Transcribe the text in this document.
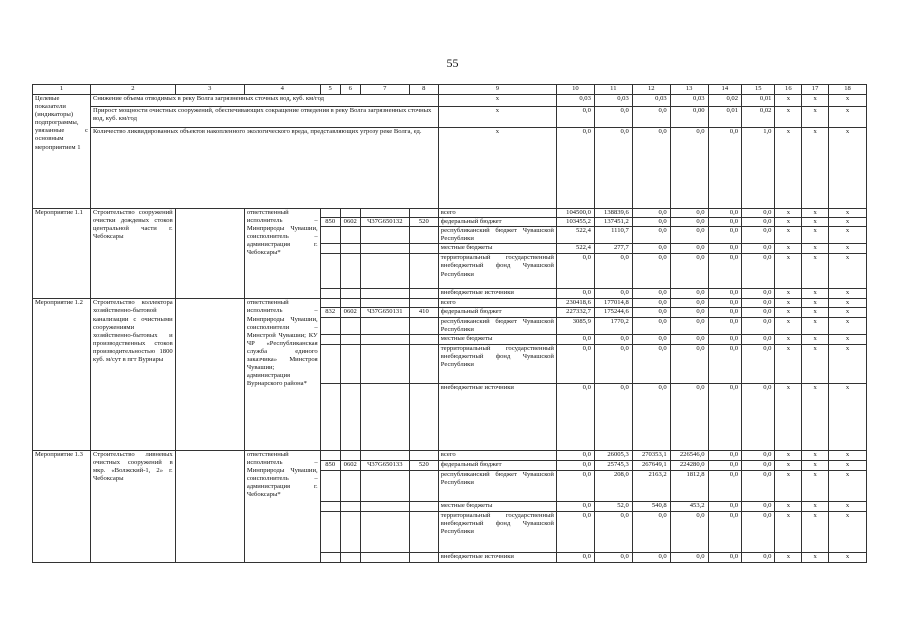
55
1	2	3	4	5	6	7	8	9	10	11	12	13	14	15	16	17	18
Целевые показатели (индикаторы) подпрограммы, увязанные с основным мероприятием 1	Снижение объема отводимых в реку Волга загрязненных сточных вод, куб. км/год							x	0,03	0,03	0,03	0,03	0,02	0,01	x	x	x
	Прирост мощности очистных сооружений, обеспечивающих сокращение отведения в реку Волга загрязненных сточных вод, куб. км/год							x	0,0	0,0	0,0	0,00	0,01	0,02	x	x	x
	Количество ликвидированных объектов накопленного экологического вреда, представляющих угрозу реке Волга, ед.							x	0,0	0,0	0,0	0,0	0,0	1,0	x	x	x
Мероприятие 1.1	Строительство сооружений очистки дождевых стоков центральной части г. Чебоксары		ответственный исполнитель – Минприроды Чувашии, соисполнитель – администрация г. Чебоксары*					всего	104500,0	138839,6	0,0	0,0	0,0	0,0	x	x	x
				850	0602	Ч37G650132	520	федеральный бюджет	103455,2	137451,2	0,0	0,0	0,0	0,0	x	x	x
								республиканский бюджет Чувашской Республики	522,4	1110,7	0,0	0,0	0,0	0,0	x	x	x
								местные бюджеты	522,4	277,7	0,0	0,0	0,0	0,0	x	x	x
								территориальный государственный внебюджетный фонд Чувашской Республики	0,0	0,0	0,0	0,0	0,0	0,0	x	x	x
								внебюджетные источники	0,0	0,0	0,0	0,0	0,0	0,0	x	x	x
Мероприятие 1.2	Строительство коллектора хозяйственно-бытовой канализации с очистными сооружениями хозяйственно-бытовых и производственных стоков производительностью 1800 куб. м/сут в пгт Вурнары		ответственный исполнитель – Минприроды Чувашии, соисполнители – Минстрой Чувашии; КУ ЧР «Республиканская служба единого заказчика» Минстроя Чувашии; администрация Вурнарского района*					всего	230418,6	177014,8	0,0	0,0	0,0	0,0	x	x	x
				832	0602	Ч37G650131	410	федеральный бюджет	227332,7	175244,6	0,0	0,0	0,0	0,0	x	x	x
								республиканский бюджет Чувашской Республики	3085,9	1770,2	0,0	0,0	0,0	0,0	x	x	x
								местные бюджеты	0,0	0,0	0,0	0,0	0,0	0,0	x	x	x
								территориальный государственный внебюджетный фонд Чувашской Республики	0,0	0,0	0,0	0,0	0,0	0,0	x	x	x
								внебюджетные источники	0,0	0,0	0,0	0,0	0,0	0,0	x	x	x
Мероприятие 1.3	Строительство ливневых очистных сооружений в мкр. «Волжский-1, 2» г. Чебоксары		ответственный исполнитель – Минприроды Чувашии, соисполнитель – администрация г. Чебоксары*					всего	0,0	26005,3	270353,1	226546,0	0,0	0,0	x	x	x
				850	0602	Ч37G650133	520	федеральный бюджет	0,0	25745,3	267649,1	224280,0	0,0	0,0	x	x	x
								республиканский бюджет Чувашской Республики	0,0	208,0	2163,2	1812,8	0,0	0,0	x	x	x
								местные бюджеты	0,0	52,0	540,8	453,2	0,0	0,0	x	x	x
								территориальный государственный внебюджетный фонд Чувашской Республики	0,0	0,0	0,0	0,0	0,0	0,0	x	x	x
								внебюджетные источники	0,0	0,0	0,0	0,0	0,0	0,0	x	x	x
